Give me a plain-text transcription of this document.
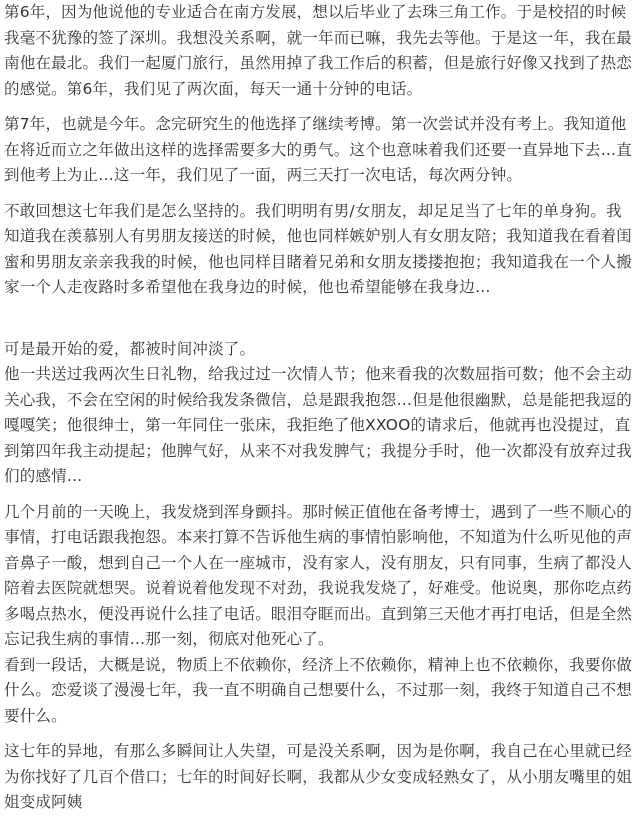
第6年，因为他说他的专业适合在南方发展，想以后毕业了去珠三角工作。于是校招的时候我毫不犹豫的签了深圳。我想没关系啊，就一年而已嘛，我先去等他。于是这一年，我在最南他在最北。我们一起厦门旅行，虽然用掉了我工作后的积蓄，但是旅行好像又找到了热恋的感觉。第6年，我们见了两次面，每天一通十分钟的电话。

第7年，也就是今年。念完研究生的他选择了继续考博。第一次尝试并没有考上。我知道他在将近而立之年做出这样的选择需要多大的勇气。这个也意味着我们还要一直异地下去…直到他考上为止…这一年，我们见了一面，两三天打一次电话，每次两分钟。

不敢回想这七年我们是怎么坚持的。我们明明有男/女朋友，却足足当了七年的单身狗。我知道我在羡慕别人有男朋友接送的时候，他也同样嫉妒别人有女朋友陪；我知道我在看着闺蜜和男朋友亲亲我我的时候，他也同样目睹着兄弟和女朋友搂搂抱抱；我知道我在一个人搬家一个人走夜路时多希望他在我身边的时候，他也希望能够在我身边…

可是最开始的爱，都被时间冲淡了。

他一共送过我两次生日礼物，给我过过一次情人节；他来看我的次数屈指可数；他不会主动关心我，不会在空闲的时候给我发条微信，总是跟我抱怨…但是他很幽默，总是能把我逗的嘎嘎笑；他很绅士，第一年同住一张床，我拒绝了他XXOO的请求后，他就再也没提过，直到第四年我主动提起；他脾气好，从来不对我发脾气；我提分手时，他一次都没有放弃过我们的感情…

几个月前的一天晚上，我发烧到浑身颤抖。那时候正值他在备考博士，遇到了一些不顺心的事情，打电话跟我抱怨。本来打算不告诉他生病的事情怕影响他，不知道为什么听见他的声音鼻子一酸，想到自己一个人在一座城市，没有家人，没有朋友，只有同事，生病了都没人陪着去医院就想哭。说着说着他发现不对劲，我说我发烧了，好难受。他说奥，那你吃点药多喝点热水，便没再说什么挂了电话。眼泪夺眶而出。直到第三天他才再打电话，但是全然忘记我生病的事情…那一刻，彻底对他死心了。

看到一段话，大概是说，物质上不依赖你，经济上不依赖你，精神上也不依赖你，我要你做什么。恋爱谈了漫漫七年，我一直不明确自己想要什么，不过那一刻，我终于知道自己不想要什么。

这七年的异地，有那么多瞬间让人失望，可是没关系啊，因为是你啊，我自己在心里就已经为你找好了几百个借口；七年的时间好长啊，我都从少女变成轻熟女了，从小朋友嘴里的姐姐变成阿姨
